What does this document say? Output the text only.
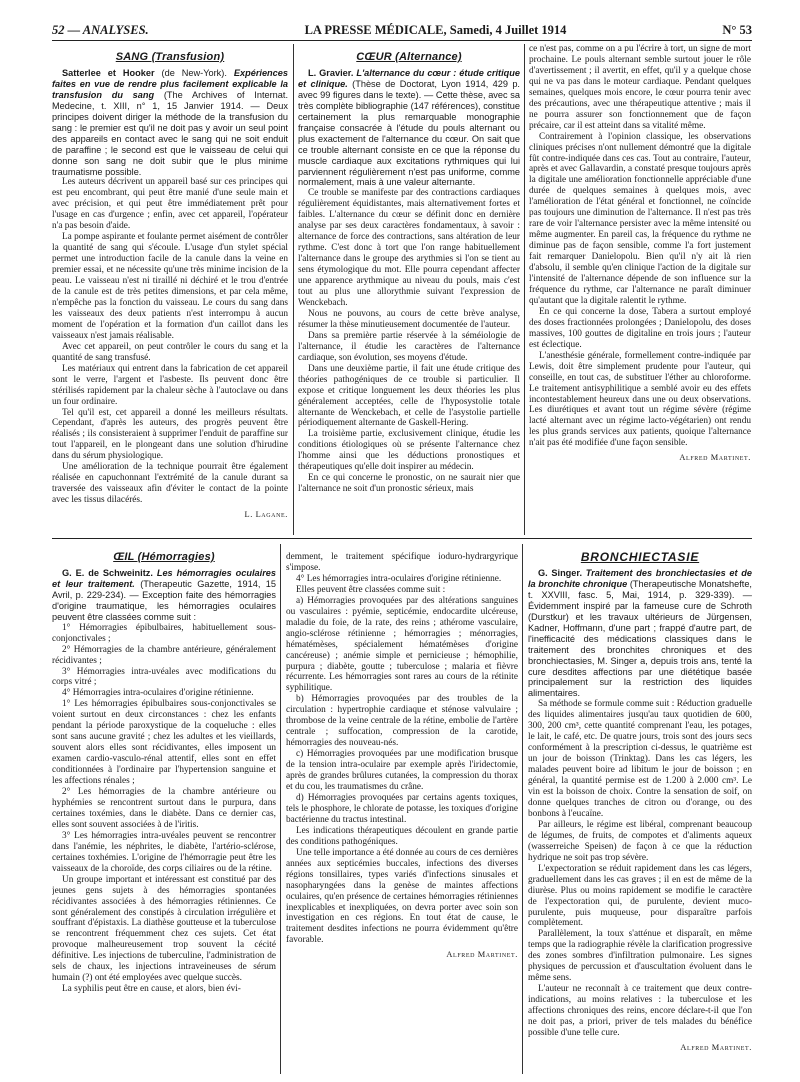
52 — ANALYSES.	LA PRESSE MÉDICALE, Samedi, 4 Juillet 1914	N° 53
SANG (Transfusion)

Satterlee et Hooker (de New-York). Expériences faites en vue de rendre plus facilement explicable la transfusion du sang (The Archives of Internat. Medecine, t. XIII, n° 1, 15 Janvier 1914. — Deux principes doivent diriger la méthode de la transfusion du sang : le premier est qu'il ne doit pas y avoir un seul point des appareils en contact avec le sang qui ne soit enduit de paraffine ; le second est que le vaisseau de celui qui donne son sang ne doit subir que le plus minime traumatisme possible.

Les auteurs décrivent un appareil basé sur ces principes qui est peu encombrant, qui peut être manié d'une seule main et avec précision, et qui peut être immédiatement prêt pour l'usage en cas d'urgence ; enfin, avec cet appareil, l'opérateur n'a pas besoin d'aide.

La pompe aspirante et foulante permet aisément de contrôler la quantité de sang qui s'écoule. L'usage d'un stylet spécial permet une introduction facile de la canule dans la veine en premier essai, et ne nécessite qu'une très minime incision de la peau. Le vaisseau n'est ni tiraillé ni déchiré et le trou d'entrée de la canule est de très petites dimensions, et par cela même, n'empêche pas la fonction du vaisseau. Le cours du sang dans les vaisseaux des deux patients n'est interrompu à aucun moment de l'opération et la formation d'un caillot dans les vaisseaux n'est jamais réalisable.

Avec cet appareil, on peut contrôler le cours du sang et la quantité de sang transfusé.

Les matériaux qui entrent dans la fabrication de cet appareil sont le verre, l'argent et l'asbeste. Ils peuvent donc être stérilisés rapidement par la chaleur sèche à l'autoclave ou dans un four ordinaire.

Tel qu'il est, cet appareil a donné les meilleurs résultats. Cependant, d'après les auteurs, des progrès peuvent être réalisés ; ils consisteraient à supprimer l'enduit de paraffine sur tout l'appareil, en le plongeant dans une solution d'hirudine dans du sérum physiologique.

Une amélioration de la technique pourrait être également réalisée en capuchonnant l'extrémité de la canule durant sa traversée des vaisseaux afin d'éviter le contact de la pointe avec les tissus dilacérés.

L. Lagane.
CŒUR (Alternance)

L. Gravier. L'alternance du cœur : étude critique et clinique. (Thèse de Doctorat, Lyon 1914, 429 p. avec 99 figures dans le texte). — Cette thèse, avec sa très complète bibliographie (147 références), constitue certainement la plus remarquable monographie française consacrée à l'étude du pouls alternant ou plus exactement de l'alternance du cœur. On sait que ce trouble alternant consiste en ce que la réponse du muscle cardiaque aux excitations rythmiques qui lui parviennent régulièrement n'est pas uniforme, comme normalement, mais à une valeur alternante.

Ce trouble se manifeste par des contractions cardiaques régulièrement équidistantes, mais alternativement fortes et faibles. L'alternance du cœur se définit donc en dernière analyse par ses deux caractères fondamentaux, à savoir : alternance de force des contractions, sans altération de leur rythme. C'est donc à tort que l'on range habituellement l'alternance dans le groupe des arythmies si l'on se tient au sens étymologique du mot. Elle pourra cependant affecter une apparence arythmique au niveau du pouls, mais c'est tout au plus une allorythmie suivant l'expression de Wenckebach.

Nous ne pouvons, au cours de cette brève analyse, résumer la thèse minutieusement documentée de l'auteur.

Dans sa première partie réservée à la séméiologie de l'alternance, il étudie les caractères de l'alternance cardiaque, son évolution, ses moyens d'étude.

Dans une deuxième partie, il fait une étude critique des théories pathogéniques de ce trouble si particulier. Il expose et critique longuement les deux théories les plus généralement acceptées, celle de l'hyposystolie totale alternante de Wenckebach, et celle de l'asystolie partielle périodiquement alternante de Gaskell-Hering.

La troisième partie, exclusivement clinique, étudie les conditions étiologiques où se présente l'alternance chez l'homme ainsi que les déductions pronostiques et thérapeutiques qu'elle doit inspirer au médecin.

En ce qui concerne le pronostic, on ne saurait nier que l'alternance ne soit d'un pronostic sérieux, mais

ce n'est pas, comme on a pu l'écrire à tort, un signe de mort prochaine. Le pouls alternant semble surtout jouer le rôle d'avertissement ; il avertit, en effet, qu'il y a quelque chose qui ne va pas dans le moteur cardiaque. Pendant quelques semaines, quelques mois encore, le cœur pourra tenir avec des précautions, avec une thérapeutique attentive ; mais il ne pourra assurer son fonctionnement que de façon précaire, car il est atteint dans sa vitalité même.

Contrairement à l'opinion classique, les observations cliniques précises n'ont nullement démontré que la digitale fût contre-indiquée dans ces cas. Tout au contraire, l'auteur, après et avec Gallavardin, a constaté presque toujours après la digitale une amélioration fonctionnelle appréciable d'une durée de quelques semaines à quelques mois, avec l'amélioration de l'état général et fonctionnel, ne coïncide pas toujours une diminution de l'alternance. Il n'est pas très rare de voir l'alternance persister avec la même intensité ou même augmenter. En pareil cas, la fréquence du rythme ne diminue pas de façon sensible, comme l'a fort justement fait remarquer Danielopolu. Bien qu'il n'y ait là rien d'absolu, il semble qu'en clinique l'action de la digitale sur l'intensité de l'alternance dépende de son influence sur la fréquence du rythme, car l'alternance ne paraît diminuer qu'autant que la digitale ralentit le rythme.

En ce qui concerne la dose, Tabera a surtout employé des doses fractionnées prolongées ; Danielopolu, des doses massives, 100 gouttes de digitaline en trois jours ; l'auteur est éclectique.

L'anesthésie générale, formellement contre-indiquée par Lewis, doit être simplement prudente pour l'auteur, qui conseille, en tout cas, de substituer l'éther au chloroforme. Le traitement antisyphilitique a semblé avoir eu des effets incontestablement heureux dans une ou deux observations. Les diurétiques et avant tout un régime sévère (régime lacté alternant avec un régime lacto-végétarien) ont rendu les plus grands services aux patients, quoique l'alternance n'ait pas été modifiée d'une façon sensible.

Alfred Martinet.
ŒIL (Hémorragies)

G. E. de Schweinitz. Les hémorragies oculaires et leur traitement. (Therapeutic Gazette, 1914, 15 Avril, p. 229-234). — Exception faite des hémorragies d'origine traumatique, les hémorragies oculaires peuvent être classées comme suit :

1° Hémorragies épibulbaires, habituellement sous-conjonctivales ;

2° Hémorragies de la chambre antérieure, généralement récidivantes ;

3° Hémorragies intra-uvéales avec modifications du corps vitré ;

4° Hémorragies intra-oculaires d'origine rétinienne.

1° Les hémorragies épibulbaires sous-conjonctivales se voient surtout en deux circonstances : chez les enfants pendant la période paroxystique de la coqueluche : elles sont sans aucune gravité ; chez les adultes et les vieillards, souvent alors elles sont récidivantes, elles imposent un examen cardio-vasculo-rénal attentif, elles sont en effet conditionnées à l'ordinaire par l'hypertension sanguine et les affections rénales ;

2° Les hémorragies de la chambre antérieure ou hyphémies se rencontrent surtout dans le purpura, dans certaines toxémies, dans le diabète. Dans ce dernier cas, elles sont souvent associées à de l'iritis.

3° Les hémorragies intra-uvéales peuvent se rencontrer dans l'anémie, les néphrites, le diabète, l'artério-sclérose, certaines toxhémies. L'origine de l'hémorragie peut être les vaisseaux de la choroïde, des corps ciliaires ou de la rétine.

Un groupe important et intéressant est constitué par des jeunes gens sujets à des hémorragies spontanées récidivantes associées à des hémorragies rétiniennes. Ce sont généralement des constipés à circulation irrégulière et souffrant d'épistaxis. La diathèse goutteuse et la tuberculose se rencontrent fréquemment chez ces sujets. Cet état provoque malheureusement trop souvent la cécité définitive. Les injections de tuberculine, l'administration de sels de chaux, les injections intraveineuses de sérum humain (?) ont été employées avec quelque succès.

La syphilis peut être en cause, et alors, bien évi-

demment, le traitement spécifique ioduro-hydrargyrique s'impose.

4° Les hémorragies intra-oculaires d'origine rétinienne.

Elles peuvent être classées comme suit :

a) Hémorragies provoquées par des altérations sanguines ou vasculaires : pyémie, septicémie, endocardite ulcéreuse, maladie du foie, de la rate, des reins ; athérome vasculaire, angio-sclérose rétinienne ; hémorragies ; ménorragies, hématémèses, spécialement hématémèses d'origine cancéreuse) ; anémie simple et pernicieuse ; hémophilie, purpura ; diabète, goutte ; tuberculose ; malaria et fièvre récurrente. Les hémorragies sont rares au cours de la rétinite syphilitique.

b) Hémorragies provoquées par des troubles de la circulation : hypertrophie cardiaque et sténose valvulaire ; thrombose de la veine centrale de la rétine, embolie de l'artère centrale ; suffocation, compression de la carotide, hémorragies des nouveau-nés.

c) Hémorragies provoquées par une modification brusque de la tension intra-oculaire par exemple après l'iridectomie, après de grandes brûlures cutanées, la compression du thorax et du cou, les traumatismes du crâne.

d) Hémorragies provoquées par certains agents toxiques, tels le phosphore, le chlorate de potasse, les toxiques d'origine bactérienne du tractus intestinal.

Les indications thérapeutiques découlent en grande partie des conditions pathogéniques.

Une telle importance a été donnée au cours de ces dernières années aux septicémies buccales, infections des diverses régions tonsillaires, types variés d'infections sinusales et nasopharyngées dans la genèse de maintes affections oculaires, qu'en présence de certaines hémorragies rétiniennes inexplicables et inexpliquées, on devra porter avec soin son investigation en ces régions. En tout état de cause, le traitement desdites infections ne pourra évidemment qu'être favorable.

Alfred Martinet.
BRONCHIECTASIE

G. Singer. Traitement des bronchiectasies et de la bronchite chronique (Therapeutische Monatshefte, t. XXVIII, fasc. 5, Mai, 1914, p. 329-339). — Évidemment inspiré par la fameuse cure de Schroth (Durstkur) et les travaux ultérieurs de Jürgensen, Kadner, Hoffmann, d'une part ; frappé d'autre part, de l'inefficacité des médications classiques dans le traitement des bronchites chroniques et des bronchiectasies, M. Singer a, depuis trois ans, tenté la cure desdites affections par une diététique basée principalement sur la restriction des liquides alimentaires.

Sa méthode se formule comme suit : Réduction graduelle des liquides alimentaires jusqu'au taux quotidien de 600, 300, 200 cm³, cette quantité comprenant l'eau, les potages, le lait, le café, etc. De quatre jours, trois sont des jours secs conformément à la prescription ci-dessus, le quatrième est un jour de boisson (Trinktag). Dans les cas légers, les malades peuvent boire ad libitum le jour de boisson ; en général, la quantité permise est de 1.200 à 2.000 cm³. Le vin est la boisson de choix. Contre la sensation de soif, on donne quelques tranches de citron ou d'orange, ou des bonbons à l'eucaïne.

Par ailleurs, le régime est libéral, comprenant beaucoup de légumes, de fruits, de compotes et d'aliments aqueux (wasserreiche Speisen) de façon à ce que la réduction hydrique ne soit pas trop sévère.

L'expectoration se réduit rapidement dans les cas légers, graduellement dans les cas graves ; il en est de même de la diurèse. Plus ou moins rapidement se modifie le caractère de l'expectoration qui, de purulente, devient muco-purulente, puis muqueuse, pour disparaître parfois complètement.

Parallèlement, la toux s'atténue et disparaît, en même temps que la radiographie révèle la clarification progressive des zones sombres d'infiltration pulmonaire. Les signes physiques de percussion et d'auscultation évoluent dans le même sens.

L'auteur ne reconnaît à ce traitement que deux contre-indications, au moins relatives : la tuberculose et les affections chroniques des reins, encore déclare-t-il que l'on ne doit pas, a priori, priver de tels malades du bénéfice possible d'une telle cure.

Alfred Martinet.
